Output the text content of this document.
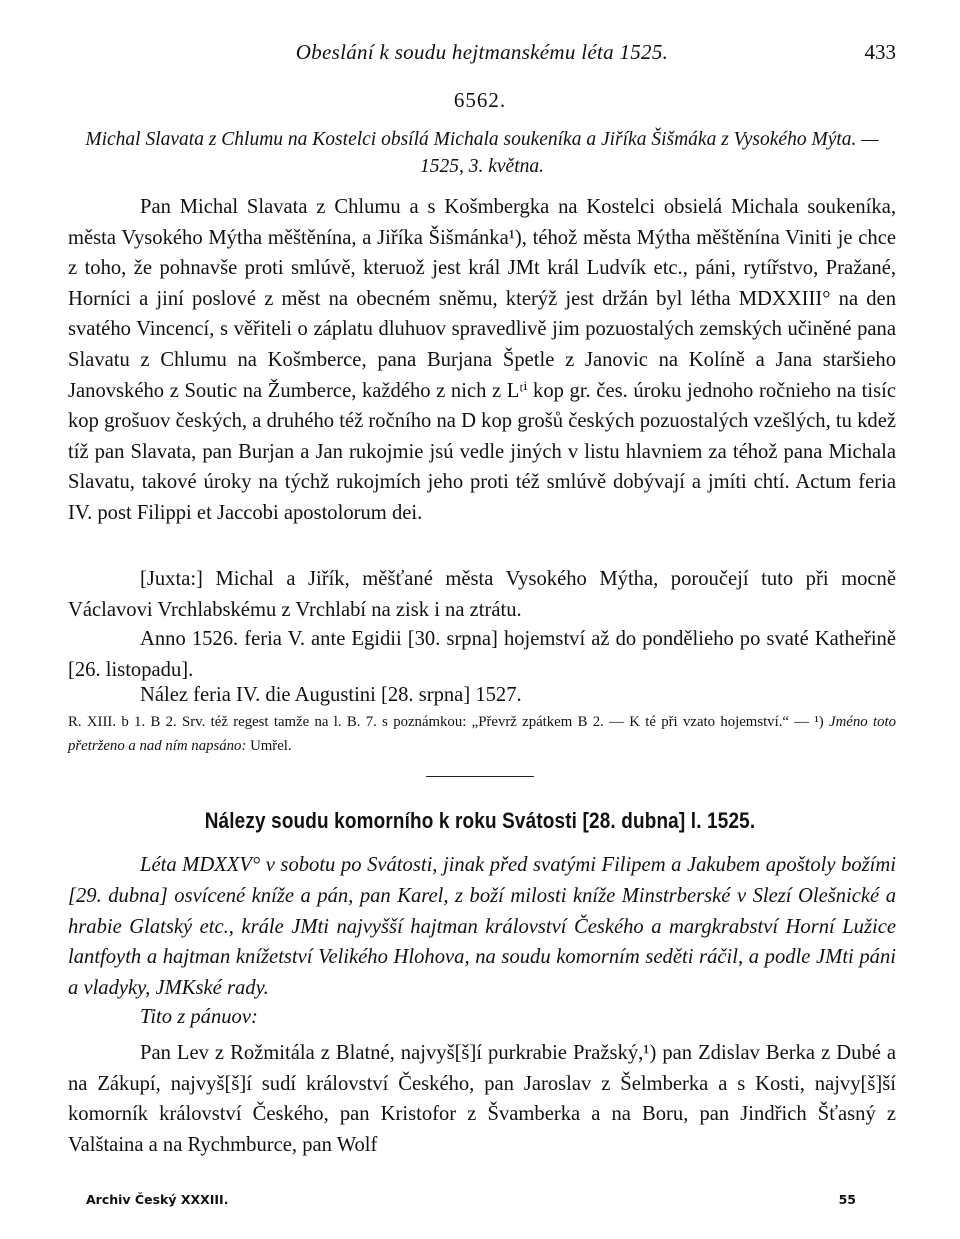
Obeslání k soudu hejtmanskému léta 1525.	433
6562.
Michal Slavata z Chlumu na Kostelci obsílá Michala soukeníka a Jiříka Šišmáka z Vysokého Mýta. — 1525, 3. května.

Pan Michal Slavata z Chlumu a s Košmbergka na Kostelci obsielá Michala soukeníka, města Vysokého Mýtha měštěnína, a Jiříka Šišmánka¹), téhož města Mýtha měštěnína Viniti je chce z toho, že pohnavše proti smlúvě, kteruož jest král JMt král Ludvík etc., páni, rytířstvo, Pražané, Horníci a jiní poslové z měst na obecném sněmu, kterýž jest držán byl létha MDXXIII° na den svatého Vincencí, s věřiteli o záplatu dluhuov spravedlivě jim pozuostalých zemských učiněné pana Slavatu z Chlumu na Košmberce, pana Burjana Špetle z Janovic na Kolíně a Jana staršieho Janovského z Soutic na Žumberce, každého z nich z Lᵗⁱ kop gr. čes. úroku jednoho ročnieho na tisíc kop grošuov českých, a druhého též ročního na D kop grošů českých pozuostalých vzešlých, tu kdež tíž pan Slavata, pan Burjan a Jan rukojmie jsú vedle jiných v listu hlavniem za téhož pana Michala Slavatu, takové úroky na týchž rukojmích jeho proti též smlúvě dobývají a jmíti chtí. Actum feria IV. post Filippi et Jaccobi apostolorum dei.

[Juxta:] Michal a Jiřík, měšťané města Vysokého Mýtha, poroučejí tuto při mocně Václavovi Vrchlabskému z Vrchlabí na zisk i na ztrátu.

Anno 1526. feria V. ante Egidii [30. srpna] hojemství až do pondělieho po svaté Katheřině [26. listopadu].

Nález feria IV. die Augustini [28. srpna] 1527.

R. XIII. b 1. B 2. Srv. též regest tamže na l. B. 7. s poznámkou: „Převrž zpátkem B 2. — K té při vzato hojemství.“ — ¹) Jméno toto přetrženo a nad ním napsáno: Umřel.

Nálezy soudu komorního k roku Svátosti [28. dubna] l. 1525.

Léta MDXXV° v sobotu po Svátosti, jinak před svatými Filipem a Jakubem apoštoly božími [29. dubna] osvícené kníže a pán, pan Karel, z boží milosti kníže Minstrberské v Slezí Olešnické a hrabie Glatský etc., krále JMti najvyšší hajtman království Českého a margkrabství Horní Lužice lantfoyth a hajtman knížetství Velikého Hlohova, na soudu komorním seděti ráčil, a podle JMti páni a vladyky, JMKské rady.

Tito z pánuov:

Pan Lev z Rožmitála z Blatné, najvyš[š]í purkrabie Pražský,¹) pan Zdislav Berka z Dubé a na Zákupí, najvyš[š]í sudí království Českého, pan Jaroslav z Šelmberka a s Kosti, najvy[š]ší komorník království Českého, pan Kristofor z Švamberka a na Boru, pan Jindřich Šťasný z Valštaina a na Rychmburce, pan Wolf

Archiv Český XXXIII.	55
